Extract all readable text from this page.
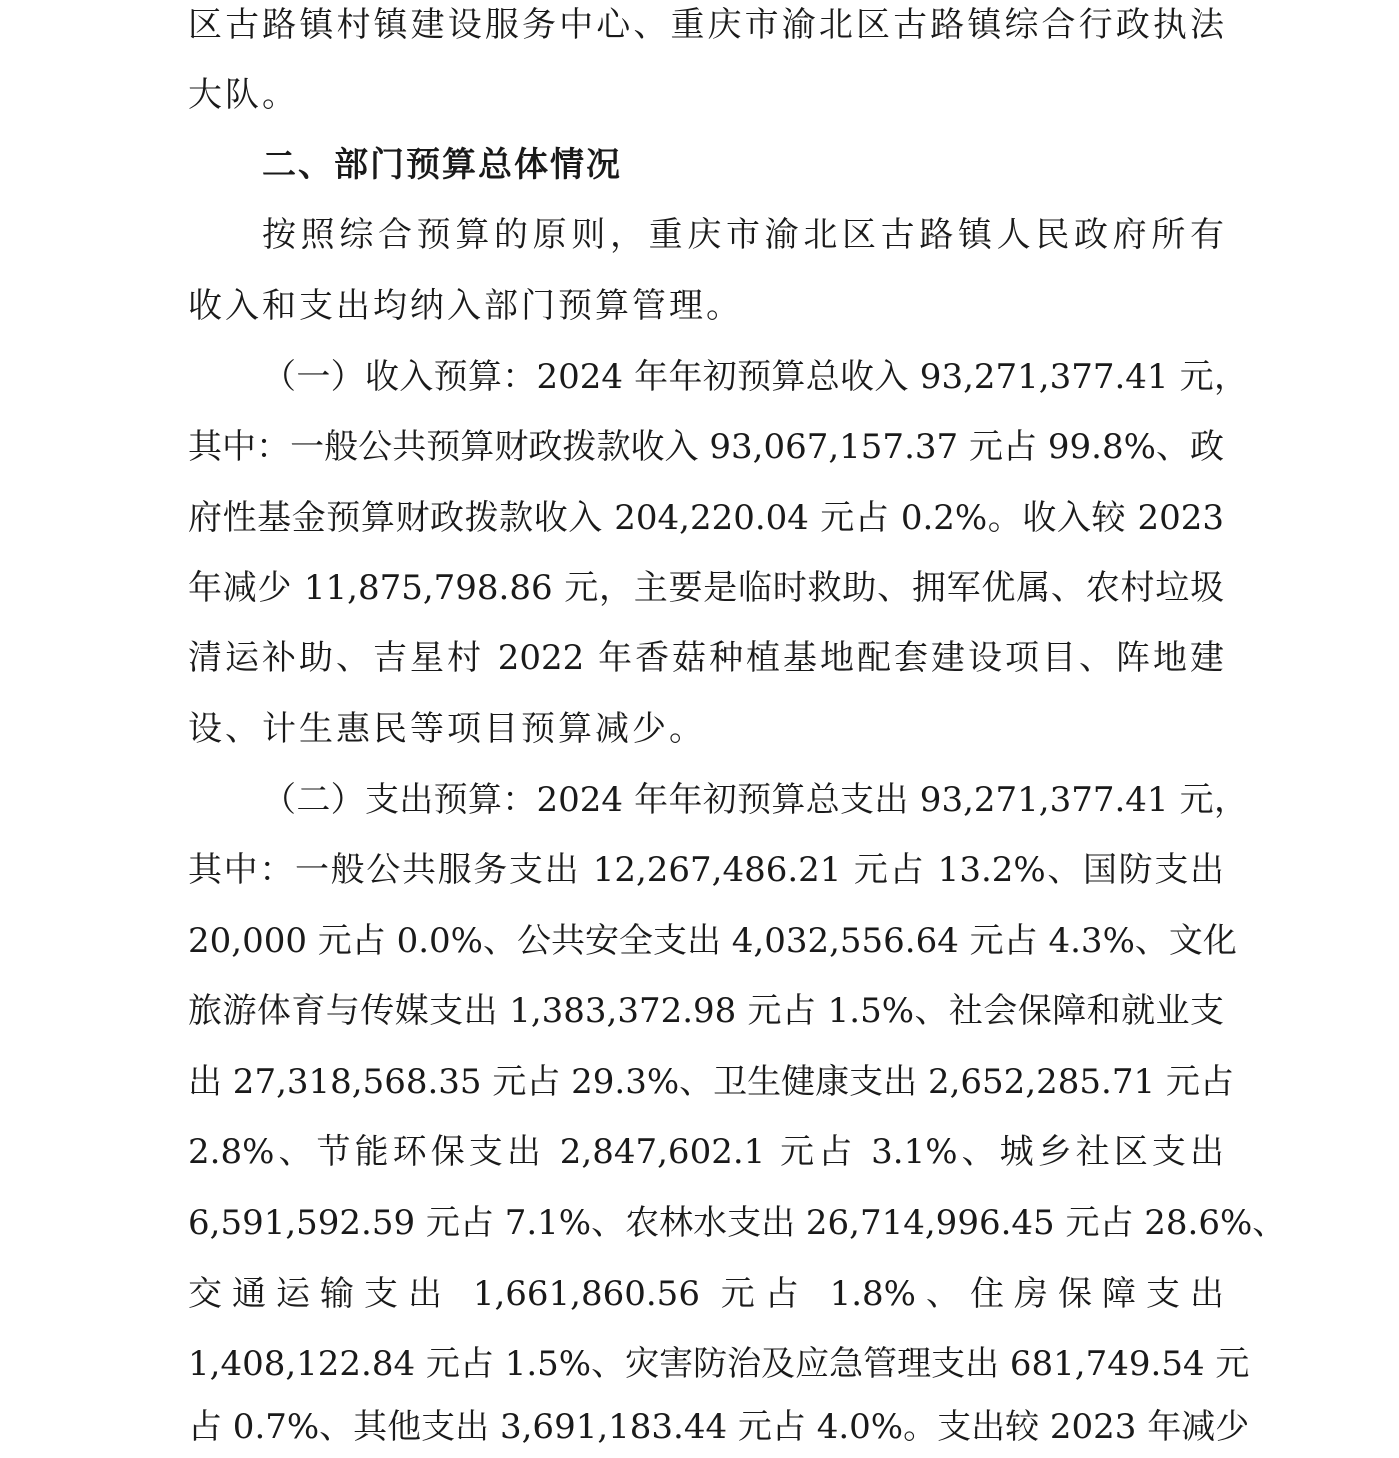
区古路镇村镇建设服务中心、重庆市渝北区古路镇综合行政执法
大队。
二、部门预算总体情况
按照综合预算的原则，重庆市渝北区古路镇人民政府所有
收入和支出均纳入部门预算管理。
（一）收入预算：2024 年年初预算总收入 93,271,377.41 元，
其中：一般公共预算财政拨款收入 93,067,157.37 元占 99.8%、政
府性基金预算财政拨款收入 204,220.04 元占 0.2%。收入较 2023
年减少 11,875,798.86 元，主要是临时救助、拥军优属、农村垃圾
清运补助、吉星村 2022 年香菇种植基地配套建设项目、阵地建
设、计生惠民等项目预算减少。
（二）支出预算：2024 年年初预算总支出 93,271,377.41 元，
其中：一般公共服务支出 12,267,486.21 元占 13.2%、国防支出
20,000 元占 0.0%、公共安全支出 4,032,556.64 元占 4.3%、文化
旅游体育与传媒支出 1,383,372.98 元占 1.5%、社会保障和就业支
出 27,318,568.35 元占 29.3%、卫生健康支出 2,652,285.71 元占
2.8%、节能环保支出 2,847,602.1 元占 3.1%、城乡社区支出
6,591,592.59 元占 7.1%、农林水支出 26,714,996.45 元占 28.6%、
交通运输支出 1,661,860.56 元占 1.8%、住房保障支出
1,408,122.84 元占 1.5%、灾害防治及应急管理支出 681,749.54 元
占 0.7%、其他支出 3,691,183.44 元占 4.0%。支出较 2023 年减少
